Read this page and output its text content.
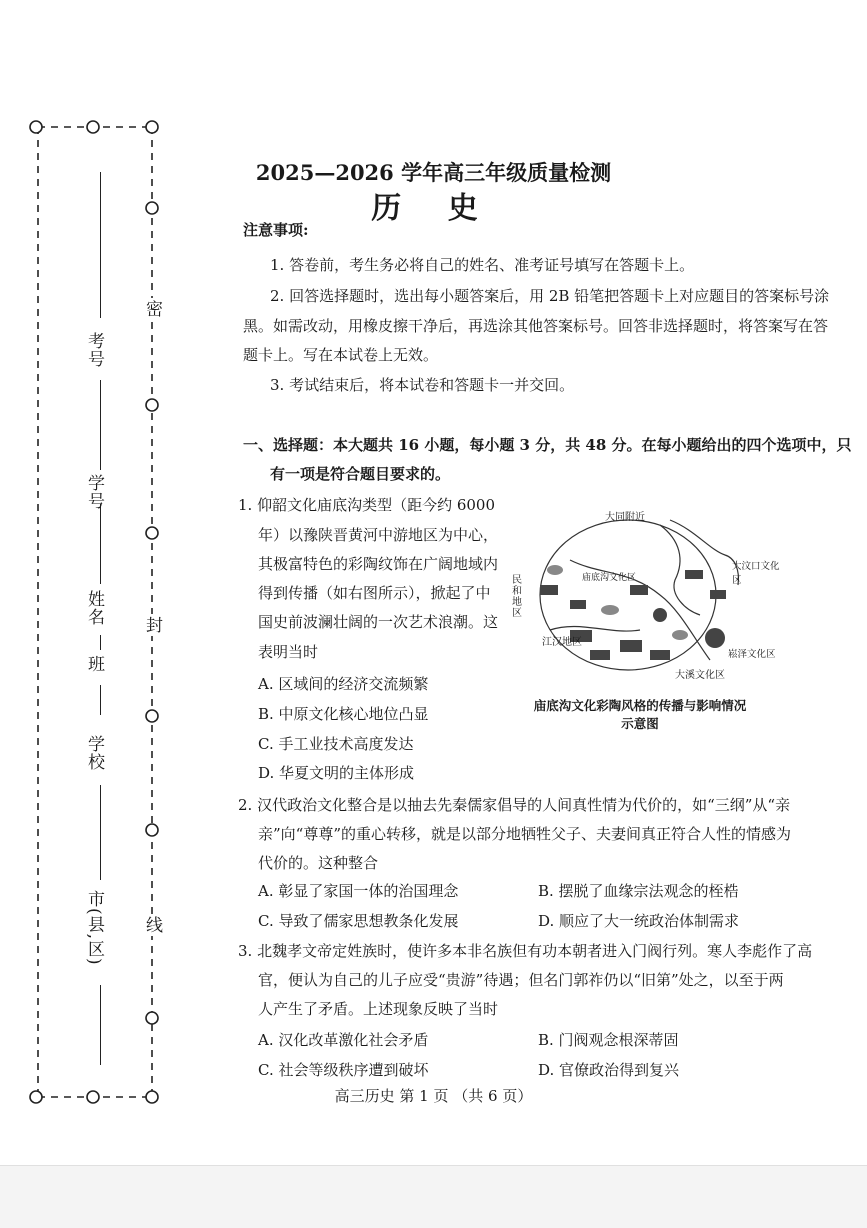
考号
学号
姓名
班
学校
市(县,区)
密
封
线
2025—2026 学年高三年级质量检测
历 史
注意事项:
1. 答卷前，考生务必将自己的姓名、准考证号填写在答题卡上。
2. 回答选择题时，选出每小题答案后，用 2B 铅笔把答题卡上对应题目的答案标号涂
黑。如需改动，用橡皮擦干净后，再选涂其他答案标号。回答非选择题时，将答案写在答
题卡上。写在本试卷上无效。
3. 考试结束后，将本试卷和答题卡一并交回。
一、选择题：本大题共 16 小题，每小题 3 分，共 48 分。在每小题给出的四个选项中，只
有一项是符合题目要求的。
1. 仰韶文化庙底沟类型（距今约 6000
年）以豫陕晋黄河中游地区为中心，
其极富特色的彩陶纹饰在广阔地域内
得到传播（如右图所示），掀起了中
国史前波澜壮阔的一次艺术浪潮。这
表明当时
A. 区域间的经济交流频繁
B. 中原文化核心地位凸显
C. 手工业技术高度发达
D. 华夏文明的主体形成
大同附近
大汶口文化区
民和地区
庙底沟文化区
江汉地区
崧泽文化区
大溪文化区
庙底沟文化彩陶风格的传播与影响情况
示意图
2. 汉代政治文化整合是以抽去先秦儒家倡导的人间真性情为代价的，如“三纲”从“亲
亲”向“尊尊”的重心转移，就是以部分地牺牲父子、夫妻间真正符合人性的情感为
代价的。这种整合
A. 彰显了家国一体的治国理念	B. 摆脱了血缘宗法观念的桎梏
C. 导致了儒家思想教条化发展	D. 顺应了大一统政治体制需求
3. 北魏孝文帝定姓族时，使许多本非名族但有功本朝者进入门阀行列。寒人李彪作了高
官，便认为自己的儿子应受“贵游”待遇；但名门郭祚仍以“旧第”处之，以至于两
人产生了矛盾。上述现象反映了当时
A. 汉化改革激化社会矛盾	B. 门阀观念根深蒂固
C. 社会等级秩序遭到破坏	D. 官僚政治得到复兴
高三历史 第 1 页 （共 6 页）
